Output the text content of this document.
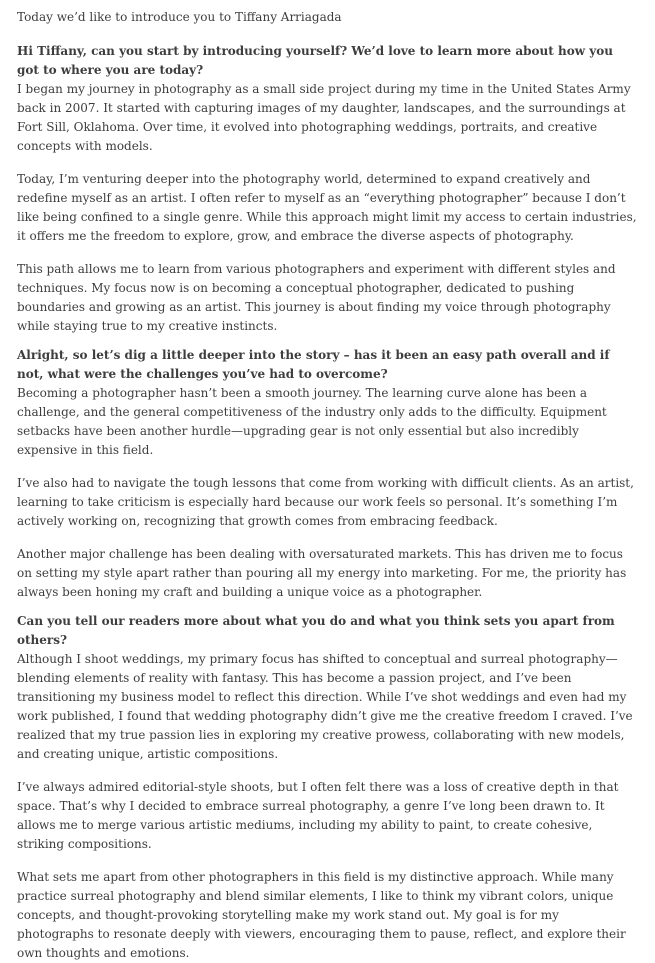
Today we’d like to introduce you to Tiffany Arriagada

Hi Tiffany, can you start by introducing yourself? We’d love to learn more about how you got to where you are today?

I began my journey in photography as a small side project during my time in the United States Army back in 2007. It started with capturing images of my daughter, landscapes, and the surroundings at Fort Sill, Oklahoma. Over time, it evolved into photographing weddings, portraits, and creative concepts with models.

Today, I’m venturing deeper into the photography world, determined to expand creatively and redefine myself as an artist. I often refer to myself as an “everything photographer” because I don’t like being confined to a single genre. While this approach might limit my access to certain industries, it offers me the freedom to explore, grow, and embrace the diverse aspects of photography.

This path allows me to learn from various photographers and experiment with different styles and techniques. My focus now is on becoming a conceptual photographer, dedicated to pushing boundaries and growing as an artist. This journey is about finding my voice through photography while staying true to my creative instincts.

Alright, so let’s dig a little deeper into the story – has it been an easy path overall and if not, what were the challenges you’ve had to overcome?

Becoming a photographer hasn’t been a smooth journey. The learning curve alone has been a challenge, and the general competitiveness of the industry only adds to the difficulty. Equipment setbacks have been another hurdle—upgrading gear is not only essential but also incredibly expensive in this field.

I’ve also had to navigate the tough lessons that come from working with difficult clients. As an artist, learning to take criticism is especially hard because our work feels so personal. It’s something I’m actively working on, recognizing that growth comes from embracing feedback.

Another major challenge has been dealing with oversaturated markets. This has driven me to focus on setting my style apart rather than pouring all my energy into marketing. For me, the priority has always been honing my craft and building a unique voice as a photographer.

Can you tell our readers more about what you do and what you think sets you apart from others?

Although I shoot weddings, my primary focus has shifted to conceptual and surreal photography—blending elements of reality with fantasy. This has become a passion project, and I’ve been transitioning my business model to reflect this direction. While I’ve shot weddings and even had my work published, I found that wedding photography didn’t give me the creative freedom I craved. I’ve realized that my true passion lies in exploring my creative prowess, collaborating with new models, and creating unique, artistic compositions.

I’ve always admired editorial-style shoots, but I often felt there was a loss of creative depth in that space. That’s why I decided to embrace surreal photography, a genre I’ve long been drawn to. It allows me to merge various artistic mediums, including my ability to paint, to create cohesive, striking compositions.

What sets me apart from other photographers in this field is my distinctive approach. While many practice surreal photography and blend similar elements, I like to think my vibrant colors, unique concepts, and thought-provoking storytelling make my work stand out. My goal is for my photographs to resonate deeply with viewers, encouraging them to pause, reflect, and explore their own thoughts and emotions.
